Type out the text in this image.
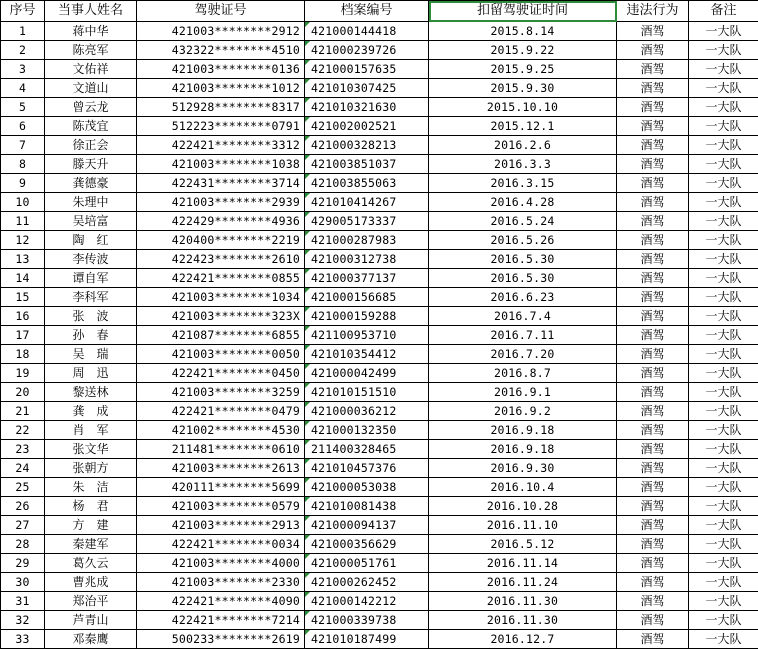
序号	当事人姓名	驾驶证号	档案编号	扣留驾驶证时间	违法行为	备注
1	蒋中华	421003********2912	421000144418	2015.8.14	酒驾	一大队
2	陈亮军	432322********4510	421000239726	2015.9.22	酒驾	一大队
3	文佑祥	421003********0136	421000157635	2015.9.25	酒驾	一大队
4	文道山	421003********1012	421010307425	2015.9.30	酒驾	一大队
5	曾云龙	512928********8317	421010321630	2015.10.10	酒驾	一大队
6	陈茂宜	512223********0791	421002002521	2015.12.1	酒驾	一大队
7	徐正会	422421********3312	421000328213	2016.2.6	酒驾	一大队
8	滕天升	421003********1038	421003851037	2016.3.3	酒驾	一大队
9	龚德豪	422431********3714	421003855063	2016.3.15	酒驾	一大队
10	朱理中	421003********2939	421010414267	2016.4.28	酒驾	一大队
11	吴培富	422429********4936	429005173337	2016.5.24	酒驾	一大队
12	陶　红	420400********2219	421000287983	2016.5.26	酒驾	一大队
13	李传波	422423********2610	421000312738	2016.5.30	酒驾	一大队
14	谭自军	422421********0855	421000377137	2016.5.30	酒驾	一大队
15	李科军	421003********1034	421000156685	2016.6.23	酒驾	一大队
16	张　波	421003********323X	421000159288	2016.7.4	酒驾	一大队
17	孙　春	421087********6855	421100953710	2016.7.11	酒驾	一大队
18	吴　瑞	421003********0050	421010354412	2016.7.20	酒驾	一大队
19	周　迅	422421********0450	421000042499	2016.8.7	酒驾	一大队
20	黎送林	421003********3259	421010151510	2016.9.1	酒驾	一大队
21	龚　成	422421********0479	421000036212	2016.9.2	酒驾	一大队
22	肖　军	421002********4530	421000132350	2016.9.18	酒驾	一大队
23	张文华	211481********0610	211400328465	2016.9.18	酒驾	一大队
24	张朝方	421003********2613	421010457376	2016.9.30	酒驾	一大队
25	朱　洁	420111********5699	421000053038	2016.10.4	酒驾	一大队
26	杨　君	421003********0579	421010081438	2016.10.28	酒驾	一大队
27	方　建	421003********2913	421000094137	2016.11.10	酒驾	一大队
28	秦建军	422421********0034	421000356629	2016.5.12	酒驾	一大队
29	葛久云	421003********4000	421000051761	2016.11.14	酒驾	一大队
30	曹兆成	421003********2330	421000262452	2016.11.24	酒驾	一大队
31	郑治平	422421********4090	421000142212	2016.11.30	酒驾	一大队
32	芦青山	422421********7214	421000339738	2016.11.30	酒驾	一大队
33	邓秦鹰	500233********2619	421010187499	2016.12.7	酒驾	一大队
